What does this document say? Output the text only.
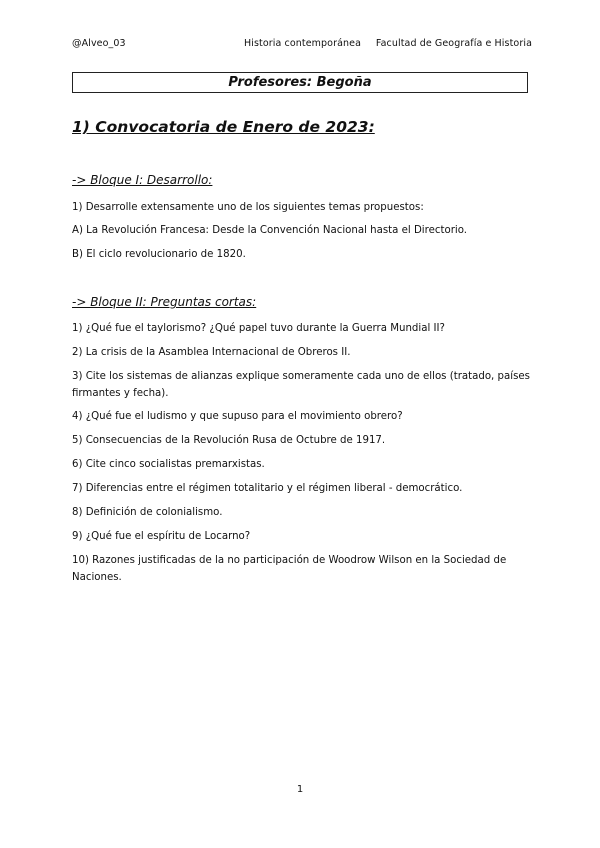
@Alveo_03	Historia contemporánea Facultad de Geografía e Historia
Profesores: Begoña
1) Convocatoria de Enero de 2023:
-> Bloque I: Desarrollo:
1) Desarrolle extensamente uno de los siguientes temas propuestos:
A) La Revolución Francesa: Desde la Convención Nacional hasta el Directorio.
B) El ciclo revolucionario de 1820.
-> Bloque II: Preguntas cortas:
1) ¿Qué fue el taylorismo? ¿Qué papel tuvo durante la Guerra Mundial II?
2) La crisis de la Asamblea Internacional de Obreros II.
3) Cite los sistemas de alianzas explique someramente cada uno de ellos (tratado, países firmantes y fecha).
4) ¿Qué fue el ludismo y que supuso para el movimiento obrero?
5) Consecuencias de la Revolución Rusa de Octubre de 1917.
6) Cite cinco socialistas premarxistas.
7) Diferencias entre el régimen totalitario y el régimen liberal - democrático.
8) Definición de colonialismo.
9) ¿Qué fue el espíritu de Locarno?
10) Razones justificadas de la no participación de Woodrow Wilson en la Sociedad de Naciones.
1
